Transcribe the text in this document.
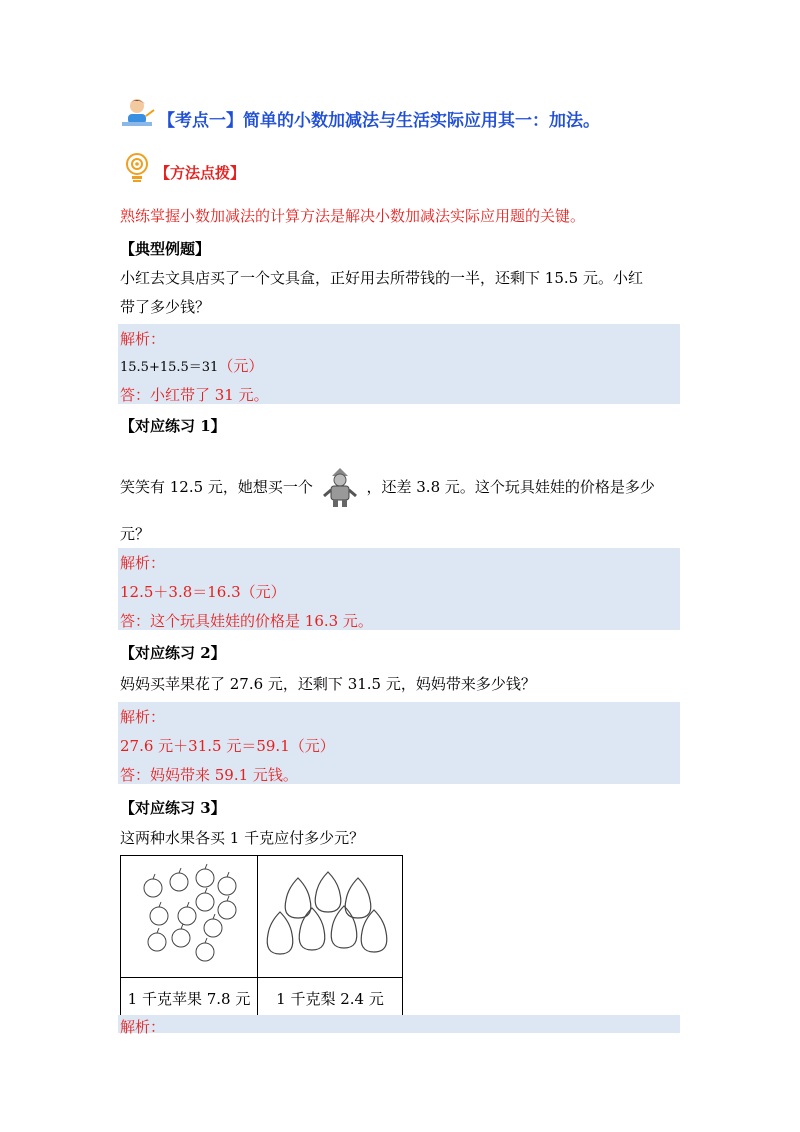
【考点一】简单的小数加减法与生活实际应用其一：加法。
【方法点拨】
熟练掌握小数加减法的计算方法是解决小数加减法实际应用题的关键。
【典型例题】
小红去文具店买了一个文具盒，正好用去所带钱的一半，还剩下 15.5 元。小红
带了多少钱？
解析：
15.5+15.5＝31（元）
答：小红带了 31 元。
【对应练习 1】
笑笑有 12.5 元，她想买一个	，还差 3.8 元。这个玩具娃娃的价格是多少
元？
解析：
12.5＋3.8＝16.3（元）
答：这个玩具娃娃的价格是 16.3 元。
【对应练习 2】
妈妈买苹果花了 27.6 元，还剩下 31.5 元，妈妈带来多少钱？
解析：
27.6 元＋31.5 元＝59.1（元）
答：妈妈带来 59.1 元钱。
【对应练习 3】
这两种水果各买 1 千克应付多少元？

1 千克苹果 7.8 元	1 千克梨 2.4 元
解析：
